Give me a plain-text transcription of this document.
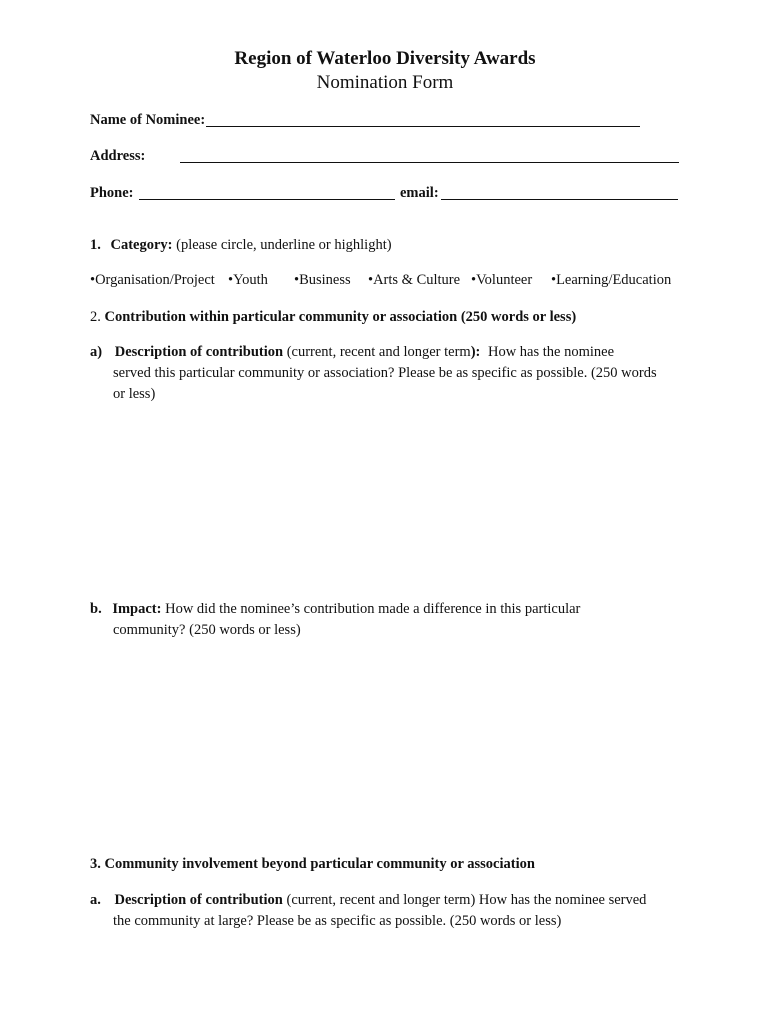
Region of Waterloo Diversity Awards
Nomination Form
Name of Nominee:
Address:
Phone:	email:
1. Category: (please circle, underline or highlight)
•Organisation/Project •Youth •Business •Arts & Culture •Volunteer •Learning/Education
2. Contribution within particular community or association (250 words or less)
a) Description of contribution (current, recent and longer term): How has the nominee
served this particular community or association? Please be as specific as possible. (250 words
or less)
b. Impact: How did the nominee’s contribution made a difference in this particular
community? (250 words or less)
3. Community involvement beyond particular community or association
a. Description of contribution (current, recent and longer term) How has the nominee served
the community at large? Please be as specific as possible. (250 words or less)
